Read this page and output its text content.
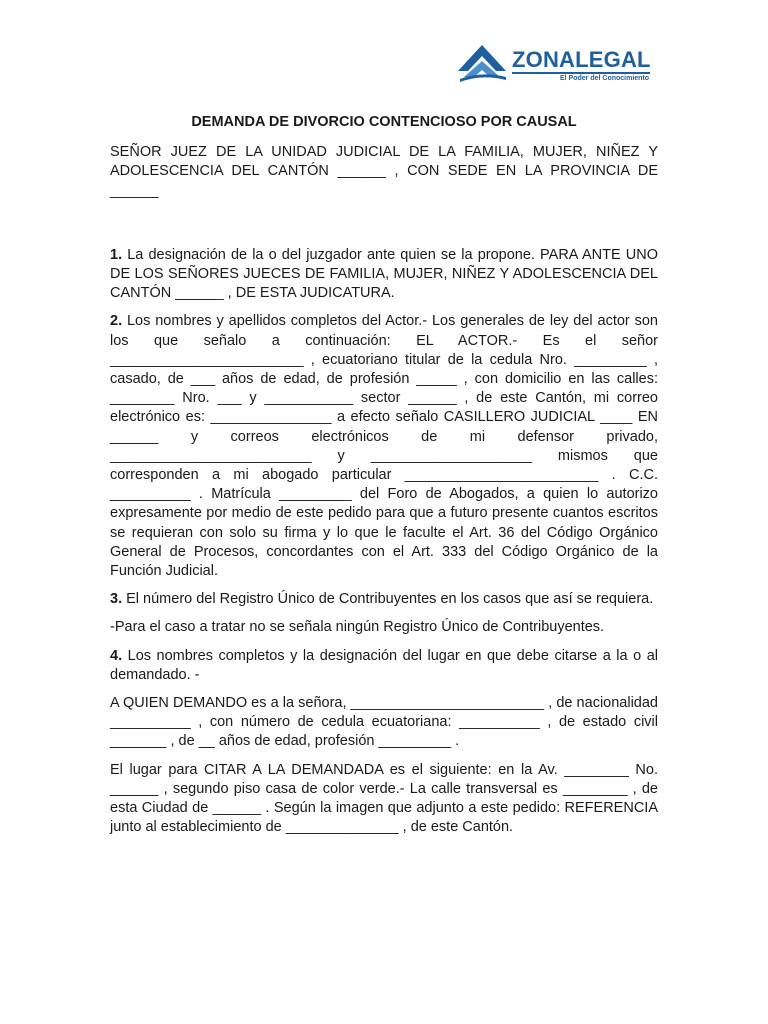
ZONALEGAL
El Poder del Conocimiento
DEMANDA DE DIVORCIO CONTENCIOSO POR CAUSAL

SEÑOR JUEZ DE LA UNIDAD JUDICIAL DE LA FAMILIA, MUJER, NIÑEZ Y ADOLESCENCIA DEL CANTÓN ______ , CON SEDE EN LA PROVINCIA DE ______

1. La designación de la o del juzgador ante quien se la propone. PARA ANTE UNO DE LOS SEÑORES JUECES DE FAMILIA, MUJER, NIÑEZ Y ADOLESCENCIA DEL CANTÓN ______ , DE ESTA JUDICATURA.

2. Los nombres y apellidos completos del Actor.- Los generales de ley del actor son los que señalo a continuación: EL ACTOR.- Es el señor ________________________ , ecuatoriano titular de la cedula Nro. _________ , casado, de ___ años de edad, de profesión _____ , con domicilio en las calles: ________ Nro. ___ y ___________ sector ______ , de este Cantón, mi correo electrónico es: _______________ a efecto señalo CASILLERO JUDICIAL ____ EN ______ y correos electrónicos de mi defensor privado, _________________________ y ____________________ mismos que corresponden a mi abogado particular ________________________ . C.C. __________ . Matrícula _________ del Foro de Abogados, a quien lo autorizo expresamente por medio de este pedido para que a futuro presente cuantos escritos se requieran con solo su firma y lo que le faculte el Art. 36 del Código Orgánico General de Procesos, concordantes con el Art. 333 del Código Orgánico de la Función Judicial.

3. El número del Registro Único de Contribuyentes en los casos que así se requiera.

-Para el caso a tratar no se señala ningún Registro Único de Contribuyentes.

4. Los nombres completos y la designación del lugar en que debe citarse a la o al demandado. -

A QUIEN DEMANDO es a la señora, ________________________ , de nacionalidad __________ , con número de cedula ecuatoriana: __________ , de estado civil _______ , de __ años de edad, profesión _________ .

El lugar para CITAR A LA DEMANDADA es el siguiente: en la Av. ________ No. ______ , segundo piso casa de color verde.- La calle transversal es ________ , de esta Ciudad de ______ . Según la imagen que adjunto a este pedido: REFERENCIA junto al establecimiento de ______________ , de este Cantón.
